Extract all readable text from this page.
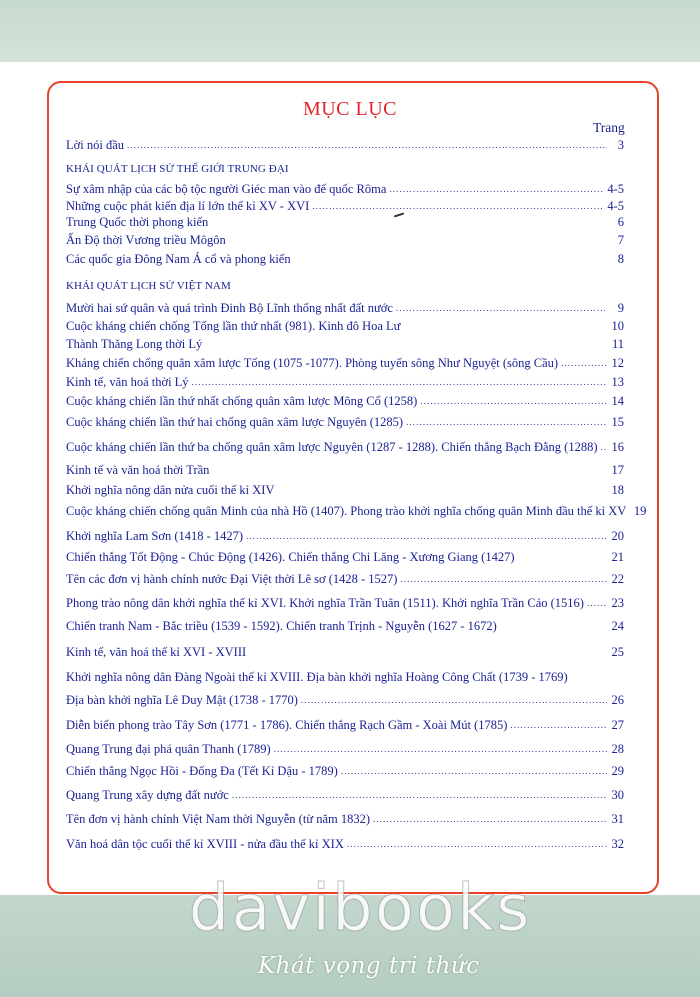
MỤC LỤC
Trang
Lời nói đầu .....	3
KHÁI QUÁT LỊCH SỬ THẾ GIỚI TRUNG ĐẠI
Sự xâm nhập của các bộ tộc người Giéc man vào đế quốc Rôma .....	4-5
Những cuộc phát kiến địa lí lớn thế kỉ XV - XVI .....	4-5
Trung Quốc thời phong kiến	6
Ấn Độ thời Vương triều Môgôn	7
Các quốc gia Đông Nam Á cổ và phong kiến	8
KHÁI QUÁT LỊCH SỬ VIỆT NAM
Mười hai sứ quân và quá trình Đinh Bộ Lĩnh thống nhất đất nước .....	9
Cuộc kháng chiến chống Tống lần thứ nhất (981). Kinh đô Hoa Lư	10
Thành Thăng Long thời Lý	11
Kháng chiến chống quân xâm lược Tống (1075 -1077). Phòng tuyến sông Như Nguyệt (sông Cầu) .....	12
Kinh tế, văn hoá thời Lý .....	13
Cuộc kháng chiến lần thứ nhất chống quân xâm lược Mông Cổ (1258) .....	14
Cuộc kháng chiến lần thứ hai chống quân xâm lược Nguyên (1285) .....	15
Cuộc kháng chiến lần thứ ba chống quân xâm lược Nguyên (1287 - 1288). Chiến thắng Bạch Đằng (1288) ..... 16
Kinh tế và văn hoá thời Trần	17
Khởi nghĩa nông dân nửa cuối thế kỉ XIV	18
Cuộc kháng chiến chống quân Minh của nhà Hồ (1407). Phong trào khởi nghĩa chống quân Minh đầu thế kỉ XV 19
Khởi nghĩa Lam Sơn (1418 - 1427) .....	20
Chiến thắng Tốt Động - Chúc Động (1426). Chiến thắng Chi Lăng - Xương Giang (1427)	21
Tên các đơn vị hành chính nước Đại Việt thời Lê sơ (1428 - 1527) .....	22
Phong trào nông dân khởi nghĩa thế kỉ XVI. Khởi nghĩa Trần Tuân (1511). Khởi nghĩa Trần Cảo (1516) ..... 23
Chiến tranh Nam - Bắc triều (1539 - 1592). Chiến tranh Trịnh - Nguyễn (1627 - 1672)	24
Kinh tế, văn hoá thế kỉ XVI - XVIII	25
Khởi nghĩa nông dân Đàng Ngoài thế kỉ XVIII. Địa bàn khởi nghĩa Hoàng Công Chất (1739 - 1769)
Địa bàn khởi nghĩa Lê Duy Mật (1738 - 1770) .....	26
Diễn biến phong trào Tây Sơn (1771 - 1786). Chiến thắng Rạch Gầm - Xoài Mút (1785) .....	27
Quang Trung đại phá quân Thanh (1789) .....	28
Chiến thắng Ngọc Hồi - Đống Đa (Tết Kỉ Dậu - 1789) .....	29
Quang Trung xây dựng đất nước .....	30
Tên đơn vị hành chính Việt Nam thời Nguyễn (từ năm 1832) .....	31
Văn hoá dân tộc cuối thế kỉ XVIII - nửa đầu thế kỉ XIX .....	32
davibooks
Khát vọng tri thức
